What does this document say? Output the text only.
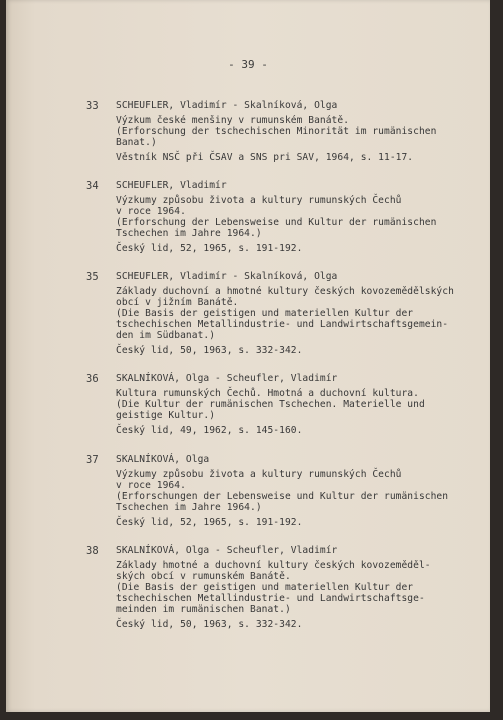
- 39 -
33 SCHEUFLER, Vladimír - Skalníková, Olga
Výzkum české menšiny v rumunském Banátě.
(Erforschung der tschechischen Minorität im rumänischen
Banat.)
Věstník NSČ při ČSAV a SNS pri SAV, 1964, s. 11-17.
34 SCHEUFLER, Vladimír
Výzkumy způsobu života a kultury rumunských Čechů
v roce 1964.
(Erforschung der Lebensweise und Kultur der rumänischen
Tschechen im Jahre 1964.)
Český lid, 52, 1965, s. 191-192.
35 SCHEUFLER, Vladimír - Skalníková, Olga
Základy duchovní a hmotné kultury českých kovozemědělských
obcí v jižním Banátě.
(Die Basis der geistigen und materiellen Kultur der
tschechischen Metallindustrie- und Landwirtschaftsgemein-
den im Südbanat.)
Český lid, 50, 1963, s. 332-342.
36 SKALNÍKOVÁ, Olga - Scheufler, Vladimír
Kultura rumunských Čechů. Hmotná a duchovní kultura.
(Die Kultur der rumänischen Tschechen. Materielle und
geistige Kultur.)
Český lid, 49, 1962, s. 145-160.
37 SKALNÍKOVÁ, Olga
Výzkumy způsobu života a kultury rumunských Čechů
v roce 1964.
(Erforschungen der Lebensweise und Kultur der rumänischen
Tschechen im Jahre 1964.)
Český lid, 52, 1965, s. 191-192.
38 SKALNÍKOVÁ, Olga - Scheufler, Vladimír
Základy hmotné a duchovní kultury českých kovozeměděl-
ských obcí v rumunském Banátě.
(Die Basis der geistigen und materiellen Kultur der
tschechischen Metallindustrie- und Landwirtschaftsge-
meinden im rumänischen Banat.)
Český lid, 50, 1963, s. 332-342.
